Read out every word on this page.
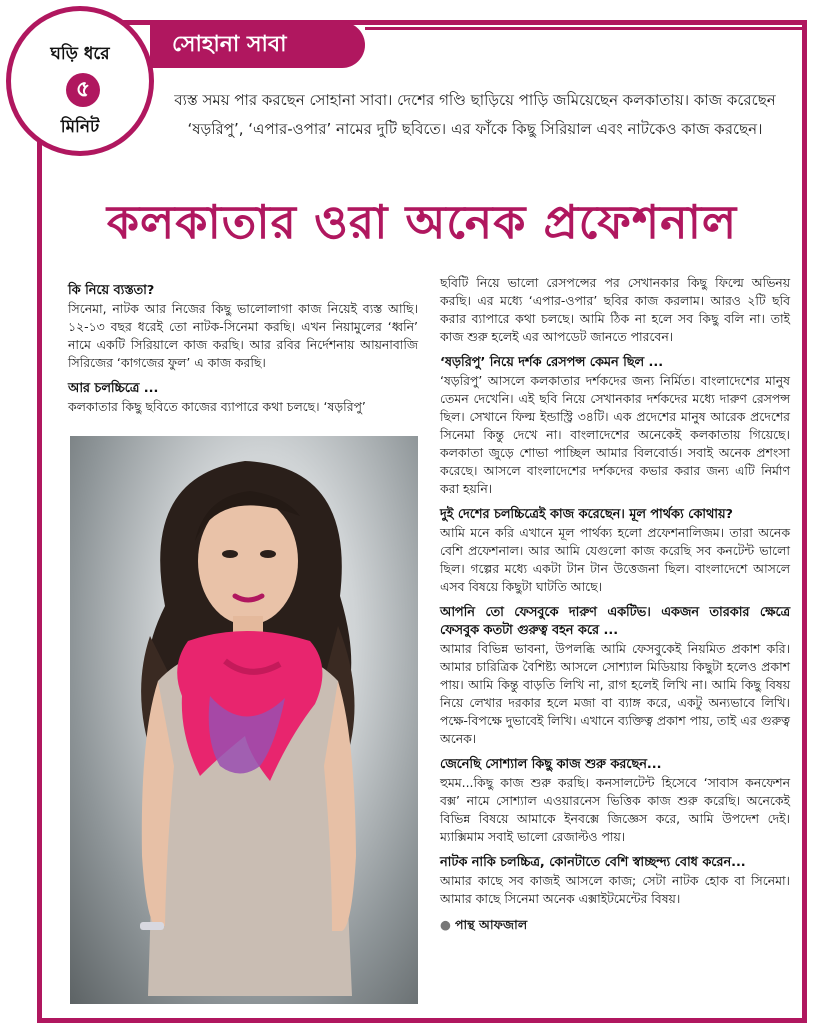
ঘড়ি ধরে
৫
মিনিট
সোহানা সাবা
ব্যস্ত সময় পার করছেন সোহানা সাবা। দেশের গণ্ডি ছাড়িয়ে পাড়ি জমিয়েছেন কলকাতায়। কাজ করেছেন ‘ষড়রিপু’, ‘এপার-ওপার’ নামের দুটি ছবিতে। এর ফাঁকে কিছু সিরিয়াল এবং নাটকেও কাজ করছেন।
কলকাতার ওরা অনেক প্রফেশনাল

কি নিয়ে ব্যস্ততা?

সিনেমা, নাটক আর নিজের কিছু ভালোলাগা কাজ নিয়েই ব্যস্ত আছি। ১২-১৩ বছর ধরেই তো নাটক-সিনেমা করছি। এখন নিয়ামুলের ‘ধ্বনি’ নামে একটি সিরিয়ালে কাজ করছি। আর রবির নির্দেশনায় আয়নাবাজি সিরিজের ‘কাগজের ফুল’ এ কাজ করছি।

আর চলচ্চিত্রে ...

কলকাতার কিছু ছবিতে কাজের ব্যাপারে কথা চলছে। ‘ষড়রিপু’

ছবিটি নিয়ে ভালো রেসপন্সের পর সেখানকার কিছু ফিল্মে অভিনয় করছি। এর মধ্যে ‘এপার-ওপার’ ছবির কাজ করলাম। আরও ২টি ছবি করার ব্যাপারে কথা চলছে। আমি ঠিক না হলে সব কিছু বলি না। তাই কাজ শুরু হলেই এর আপডেট জানতে পারবেন।

‘ষড়রিপু’ নিয়ে দর্শক রেসপন্স কেমন ছিল ...

‘ষড়রিপু’ আসলে কলকাতার দর্শকদের জন্য নির্মিত। বাংলাদেশের মানুষ তেমন দেখেনি। এই ছবি নিয়ে সেখানকার দর্শকদের মধ্যে দারুণ রেসপন্স ছিল। সেখানে ফিল্ম ইন্ডাস্ট্রি ৩৪টি। এক প্রদেশের মানুষ আরেক প্রদেশের সিনেমা কিন্তু দেখে না। বাংলাদেশের অনেকেই কলকাতায় গিয়েছে। কলকাতা জুড়ে শোভা পাচ্ছিল আমার বিলবোর্ড। সবাই অনেক প্রশংসা করেছে। আসলে বাংলাদেশের দর্শকদের কভার করার জন্য এটি নির্মাণ করা হয়নি।

দুই দেশের চলচ্চিত্রেই কাজ করেছেন। মূল পার্থক্য কোথায়?

আমি মনে করি এখানে মূল পার্থক্য হলো প্রফেশনালিজম। তারা অনেক বেশি প্রফেশনাল। আর আমি যেগুলো কাজ করেছি সব কনটেন্ট ভালো ছিল। গল্পের মধ্যে একটা টান টান উত্তেজনা ছিল। বাংলাদেশে আসলে এসব বিষয়ে কিছুটা ঘাটতি আছে।

আপনি তো ফেসবুকে দারুণ একটিভ। একজন তারকার ক্ষেত্রে ফেসবুক কতটা গুরুত্ব বহন করে ...

আমার বিভিন্ন ভাবনা, উপলব্ধি আমি ফেসবুকেই নিয়মিত প্রকাশ করি। আমার চারিত্রিক বৈশিষ্ট্য আসলে সোশ্যাল মিডিয়ায় কিছুটা হলেও প্রকাশ পায়। আমি কিন্তু বাড়তি লিখি না, রাগ হলেই লিখি না। আমি কিছু বিষয় নিয়ে লেখার দরকার হলে মজা বা ব্যাঙ্গ করে, একটু অন্যভাবে লিখি। পক্ষে-বিপক্ষে দুভাবেই লিখি। এখানে ব্যক্তিত্ব প্রকাশ পায়, তাই এর গুরুত্ব অনেক।

জেনেছি সোশ্যাল কিছু কাজ শুরু করছেন...

হুমম...কিছু কাজ শুরু করছি। কনসালটেন্ট হিসেবে ‘সাবাস কনফেশন বক্স’ নামে সোশ্যাল এওয়ারনেস ভিত্তিক কাজ শুরু করেছি। অনেকেই বিভিন্ন বিষয়ে আমাকে ইনবক্সে জিজ্ঞেস করে, আমি উপদেশ দেই। ম্যাক্সিমাম সবাই ভালো রেজাল্টও পায়।

নাটক নাকি চলচ্চিত্র, কোনটাতে বেশি স্বাচ্ছন্দ্য বোধ করেন...

আমার কাছে সব কাজই আসলে কাজ; সেটা নাটক হোক বা সিনেমা। আমার কাছে সিনেমা অনেক এক্সাইটমেন্টের বিষয়।

● পান্থ আফজাল
